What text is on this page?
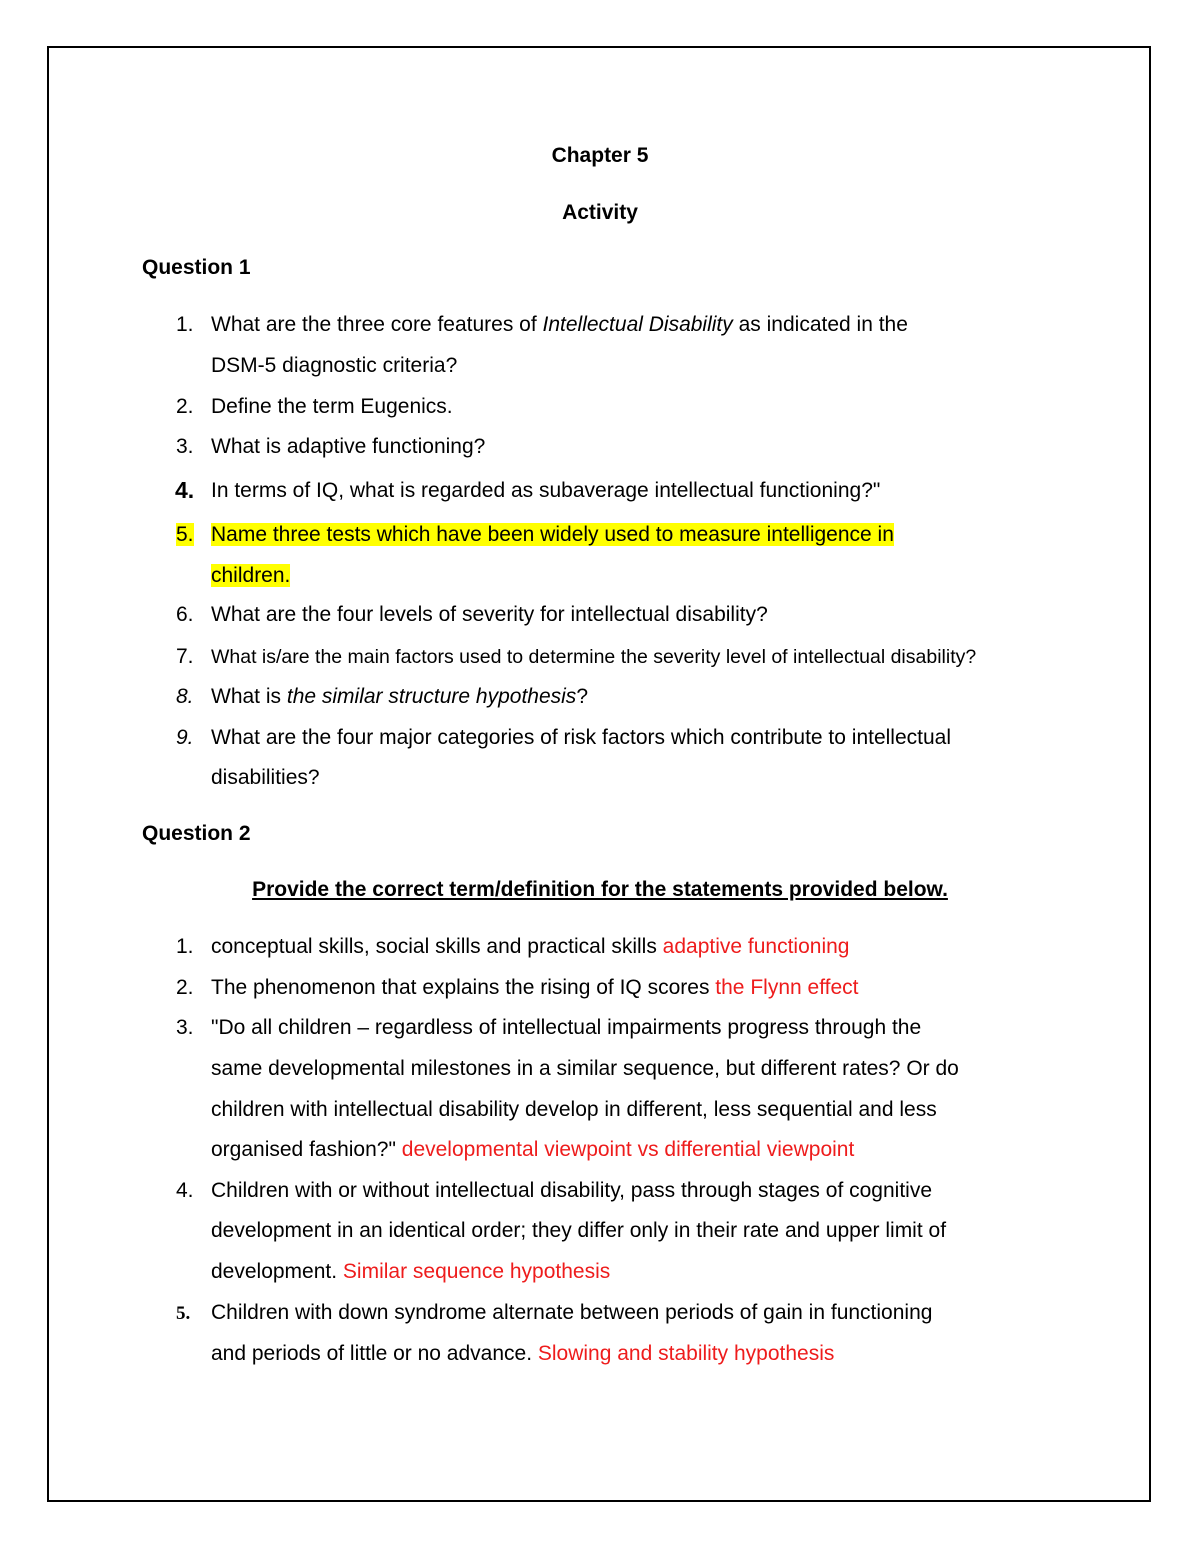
Chapter 5
Activity
Question 1
1. What are the three core features of Intellectual Disability as indicated in the
DSM-5 diagnostic criteria?
2. Define the term Eugenics.
3. What is adaptive functioning?
4. In terms of IQ, what is regarded as subaverage intellectual functioning?"
5. Name three tests which have been widely used to measure intelligence in
children.
6. What are the four levels of severity for intellectual disability?
7. What is/are the main factors used to determine the severity level of intellectual disability?
8. What is the similar structure hypothesis?
9. What are the four major categories of risk factors which contribute to intellectual
disabilities?
Question 2
Provide the correct term/definition for the statements provided below.
1. conceptual skills, social skills and practical skills adaptive functioning
2. The phenomenon that explains the rising of IQ scores the Flynn effect
3. "Do all children – regardless of intellectual impairments progress through the
same developmental milestones in a similar sequence, but different rates? Or do
children with intellectual disability develop in different, less sequential and less
organised fashion?" developmental viewpoint vs differential viewpoint
4. Children with or without intellectual disability, pass through stages of cognitive
development in an identical order; they differ only in their rate and upper limit of
development. Similar sequence hypothesis
5. Children with down syndrome alternate between periods of gain in functioning
and periods of little or no advance. Slowing and stability hypothesis
